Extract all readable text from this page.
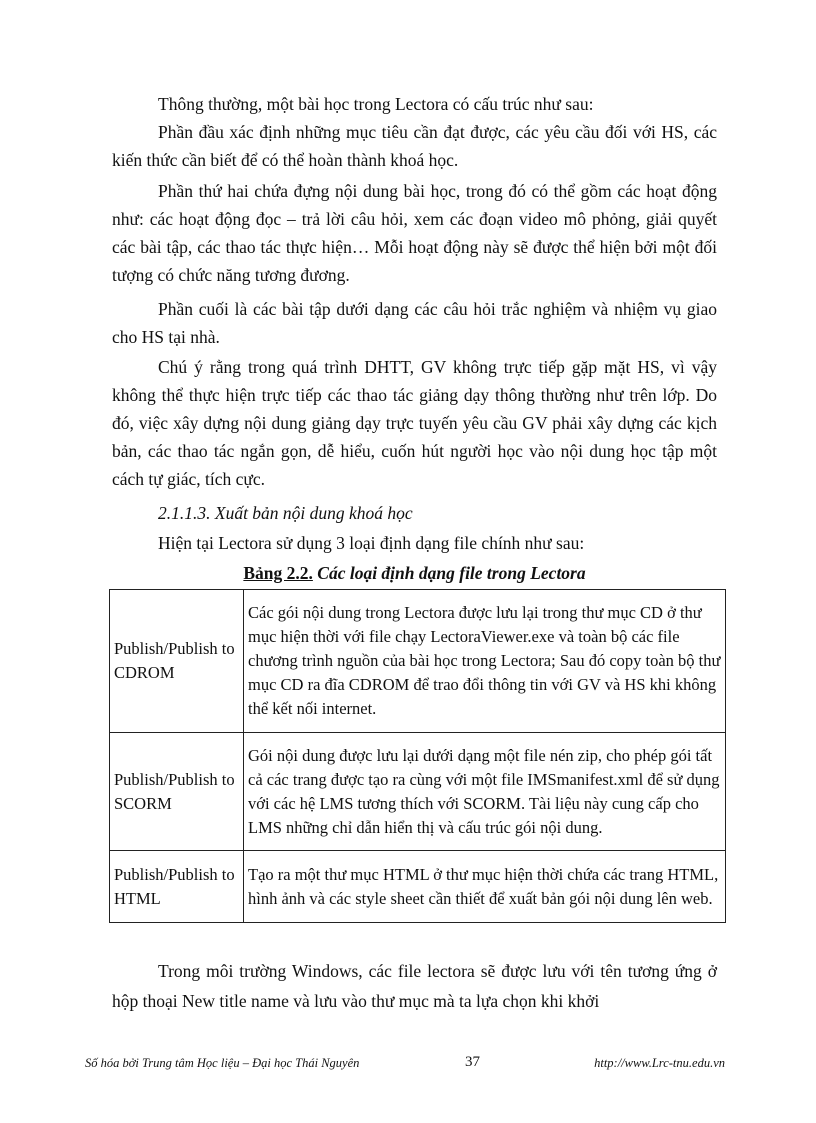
Thông thường, một bài học trong Lectora có cấu trúc như sau:

Phần đầu xác định những mục tiêu cần đạt được, các yêu cầu đối với HS, các kiến thức cần biết để có thể hoàn thành khoá học.

Phần thứ hai chứa đựng nội dung bài học, trong đó có thể gồm các hoạt động như: các hoạt động đọc – trả lời câu hỏi, xem các đoạn video mô phỏng, giải quyết các bài tập, các thao tác thực hiện… Mỗi hoạt động này sẽ được thể hiện bởi một đối tượng có chức năng tương đương.

Phần cuối là các bài tập dưới dạng các câu hỏi trắc nghiệm và nhiệm vụ giao cho HS tại nhà.

Chú ý rằng trong quá trình DHTT, GV không trực tiếp gặp mặt HS, vì vậy không thể thực hiện trực tiếp các thao tác giảng dạy thông thường như trên lớp. Do đó, việc xây dựng nội dung giảng dạy trực tuyến yêu cầu GV phải xây dựng các kịch bản, các thao tác ngắn gọn, dễ hiểu, cuốn hút người học vào nội dung học tập một cách tự giác, tích cực.

2.1.1.3. Xuất bản nội dung khoá học

Hiện tại Lectora sử dụng 3 loại định dạng file chính như sau:

Bảng 2.2. Các loại định dạng file trong Lectora
Publish/Publish to CDROM	Các gói nội dung trong Lectora được lưu lại trong thư mục CD ở thư mục hiện thời với file chạy LectoraViewer.exe và toàn bộ các file chương trình nguồn của bài học trong Lectora; Sau đó copy toàn bộ thư mục CD ra đĩa CDROM để trao đổi thông tin với GV và HS khi không thể kết nối internet.
Publish/Publish to SCORM	Gói nội dung được lưu lại dưới dạng một file nén zip, cho phép gói tất cả các trang được tạo ra cùng với một file IMSmanifest.xml để sử dụng với các hệ LMS tương thích với SCORM. Tài liệu này cung cấp cho LMS những chỉ dẫn hiển thị và cấu trúc gói nội dung.
Publish/Publish to HTML	Tạo ra một thư mục HTML ở thư mục hiện thời chứa các trang HTML, hình ảnh và các style sheet cần thiết để xuất bản gói nội dung lên web.

Trong môi trường Windows, các file lectora sẽ được lưu với tên tương ứng ở hộp thoại New title name và lưu vào thư mục mà ta lựa chọn khi khởi

Số hóa bởi Trung tâm Học liệu – Đại học Thái Nguyên	37	http://www.Lrc-tnu.edu.vn
